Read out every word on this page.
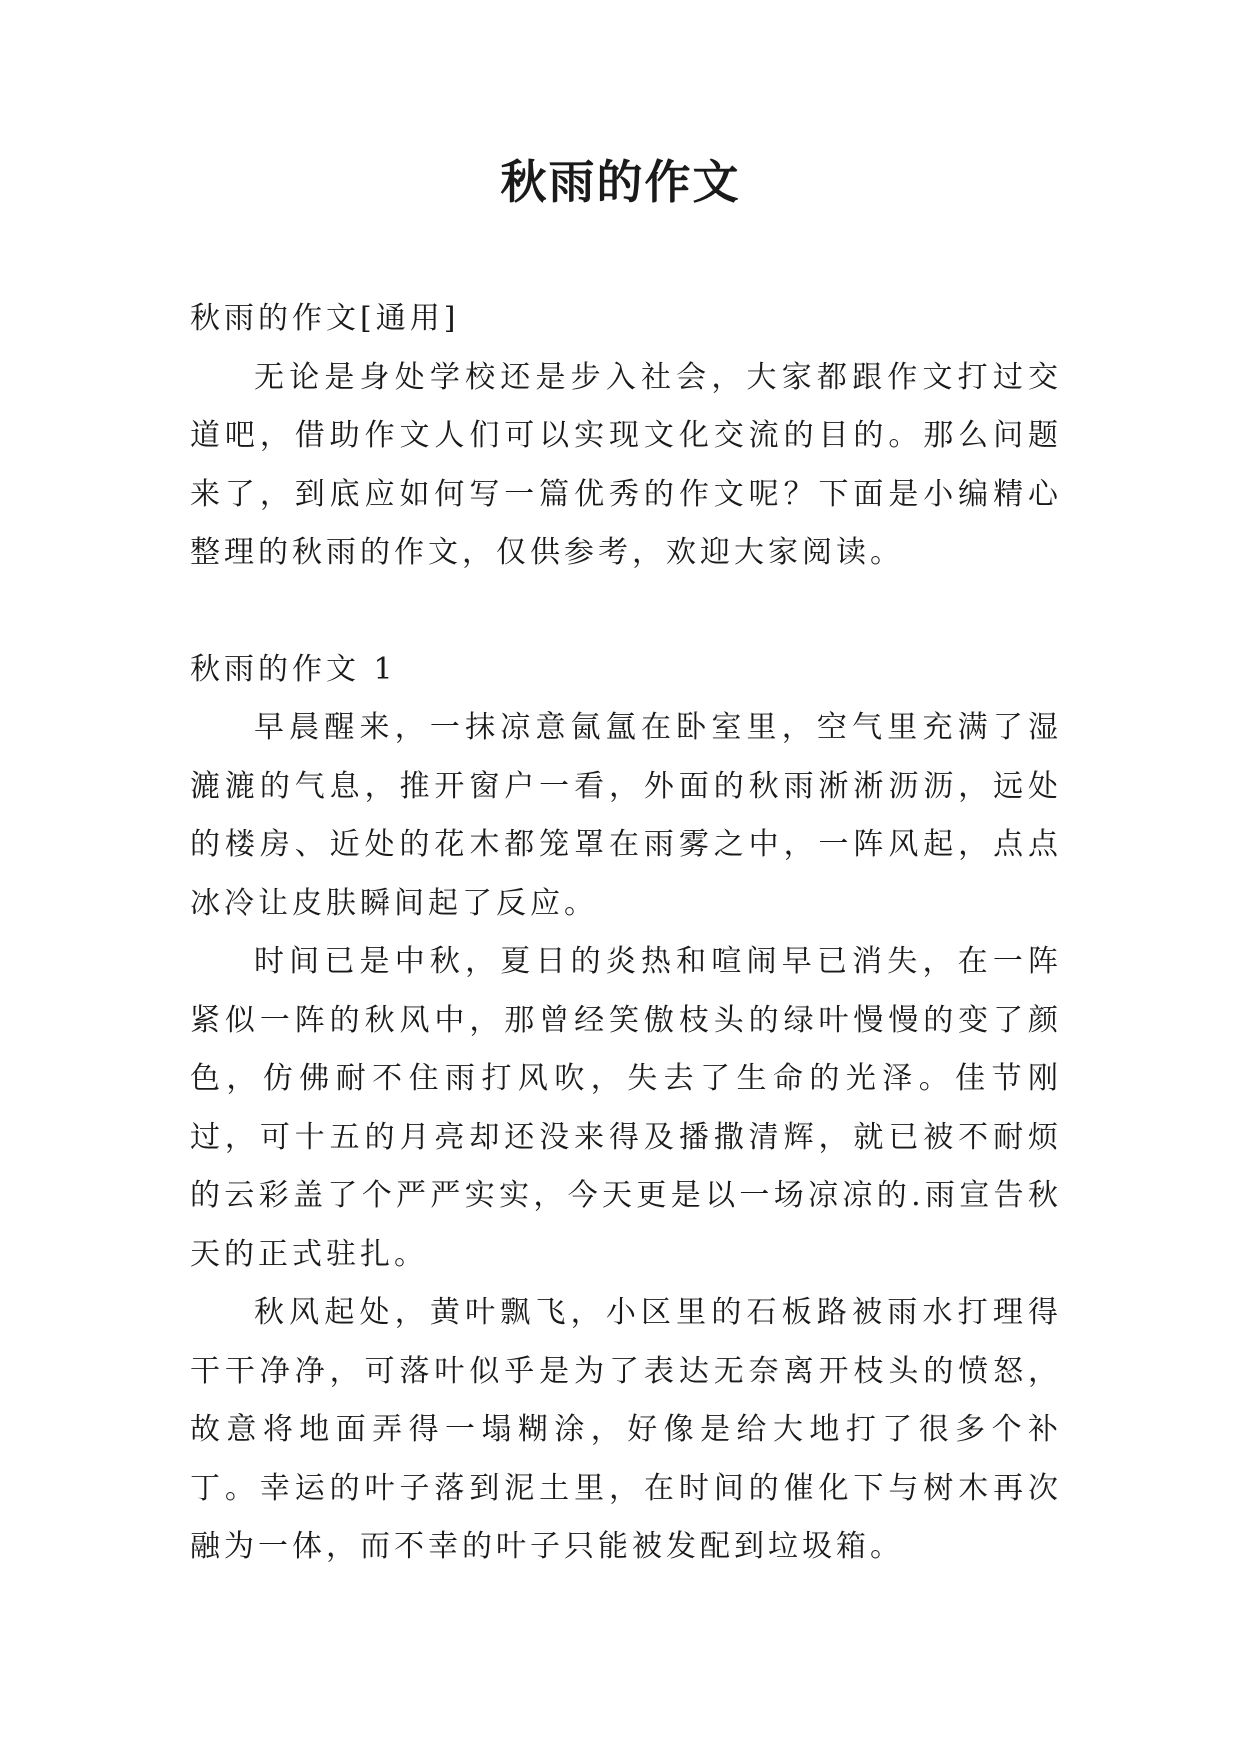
秋雨的作文

秋雨的作文[通用]

无论是身处学校还是步入社会，大家都跟作文打过交道吧，借助作文人们可以实现文化交流的目的。那么问题来了，到底应如何写一篇优秀的作文呢？下面是小编精心整理的秋雨的作文，仅供参考，欢迎大家阅读。

秋雨的作文 1

早晨醒来，一抹凉意氤氲在卧室里，空气里充满了湿漉漉的气息，推开窗户一看，外面的秋雨淅淅沥沥，远处的楼房、近处的花木都笼罩在雨雾之中，一阵风起，点点冰冷让皮肤瞬间起了反应。

时间已是中秋，夏日的炎热和喧闹早已消失，在一阵紧似一阵的秋风中，那曾经笑傲枝头的绿叶慢慢的变了颜色，仿佛耐不住雨打风吹，失去了生命的光泽。佳节刚过，可十五的月亮却还没来得及播撒清辉，就已被不耐烦的云彩盖了个严严实实，今天更是以一场凉凉的.雨宣告秋天的正式驻扎。

秋风起处，黄叶飘飞，小区里的石板路被雨水打理得干干净净，可落叶似乎是为了表达无奈离开枝头的愤怒，故意将地面弄得一塌糊涂，好像是给大地打了很多个补丁。幸运的叶子落到泥土里，在时间的催化下与树木再次融为一体，而不幸的叶子只能被发配到垃圾箱。
